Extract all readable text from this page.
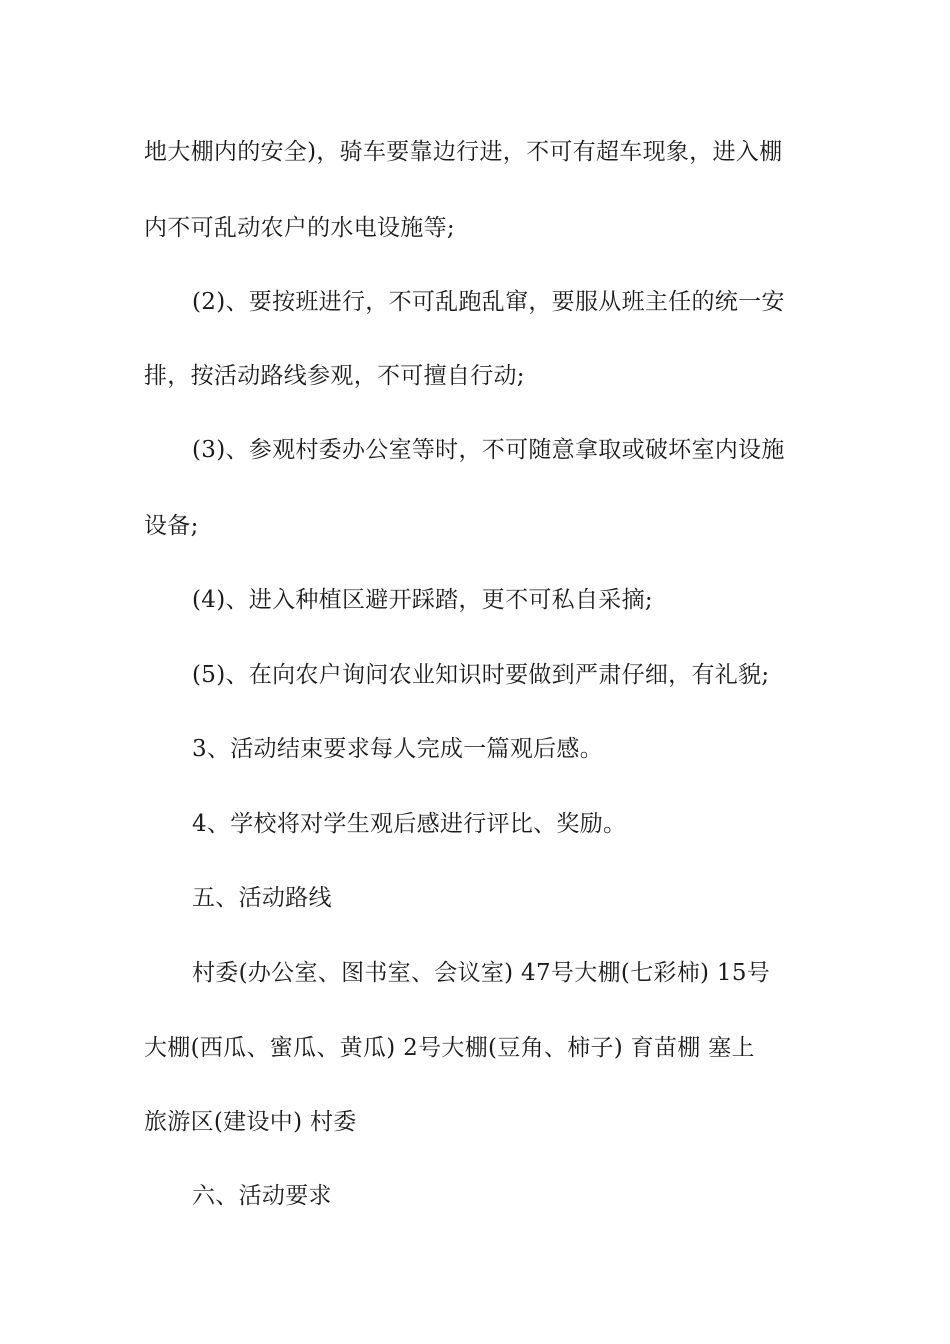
地大棚内的安全)，骑车要靠边行进，不可有超车现象，进入棚
内不可乱动农户的水电设施等;
(2)、要按班进行，不可乱跑乱窜，要服从班主任的统一安
排，按活动路线参观，不可擅自行动;
(3)、参观村委办公室等时，不可随意拿取或破坏室内设施
设备;
(4)、进入种植区避开踩踏，更不可私自采摘;
(5)、在向农户询问农业知识时要做到严肃仔细，有礼貌;
3、活动结束要求每人完成一篇观后感。
4、学校将对学生观后感进行评比、奖励。
五、活动路线
村委(办公室、图书室、会议室) 47号大棚(七彩柿) 15号
大棚(西瓜、蜜瓜、黄瓜) 2号大棚(豆角、柿子) 育苗棚 塞上
旅游区(建设中) 村委
六、活动要求
